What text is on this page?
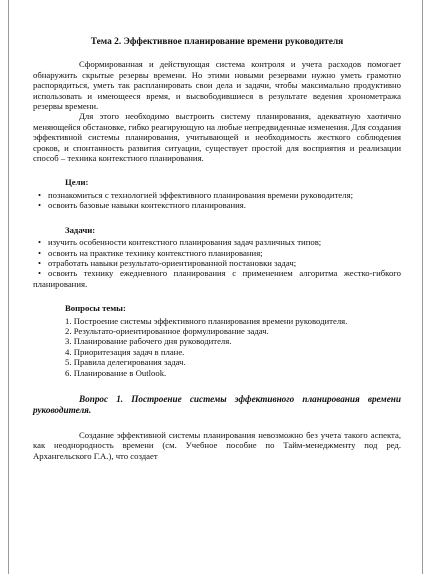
Тема 2. Эффективное планирование времени руководителя

Сформированная и действующая система контроля и учета расходов помогает обнаружить скрытые резервы времени. Но этими новыми резервами нужно уметь грамотно распорядиться, уметь так распланировать свои дела и задачи, чтобы максимально продуктивно использовать и имеющееся время, и высвободившиеся в результате ведения хронометража резервы времени.

Для этого необходимо выстроить систему планирования, адекватную хаотично меняющейся обстановке, гибко реагирующую на любые непредвиденные изменения. Для создания эффективной системы планирования, учитывающей и необходимость жесткого соблюдения сроков, и спонтанность развития ситуации, существует простой для восприятия и реализации способ – техника контекстного планирования.

Цели:

• познакомиться с технологией эффективного планирования времени руководителя;

• освоить базовые навыки контекстного планирования.

Задачи:

• изучить особенности контекстного планирования задач различных типов;

• освоить на практике технику контекстного планирования;

• отработать навыки результато-ориентированной постановки задач;

• освоить технику ежедневного планирования с применением алгоритма жестко-гибкого планирования.

Вопросы темы:

1. Построение системы эффективного планирования времени руководителя.

2. Результато-ориентированное формулирование задач.

3. Планирование рабочего дня руководителя.

4. Приоритезация задач в плане.

5. Правила делегирования задач.

6. Планирование в Outlook.

Вопрос 1. Построение системы эффективного планирования времени руководителя.

Создание эффективной системы планирования невозможно без учета такого аспекта, как неоднородность времени (см. Учебное пособие по Тайм-менеджменту под ред. Архангельского Г.А.), что создает
